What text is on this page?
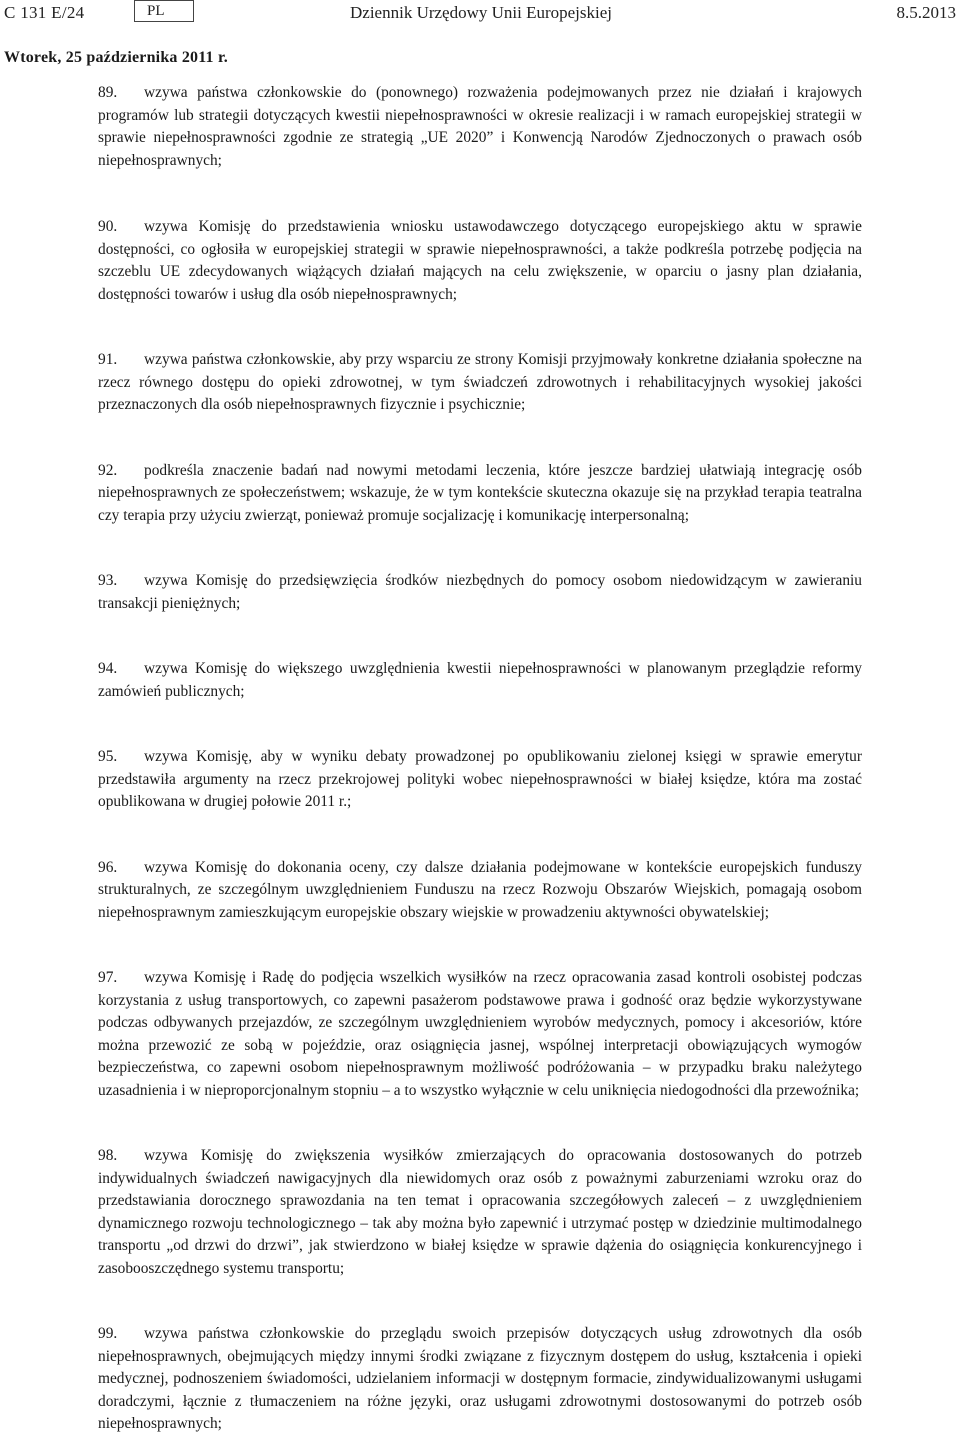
C 131 E/24	PL	Dziennik Urzędowy Unii Europejskiej	8.5.2013
Wtorek, 25 października 2011 r.

89. wzywa państwa członkowskie do (ponownego) rozważenia podejmowanych przez nie działań i krajowych programów lub strategii dotyczących kwestii niepełnosprawności w okresie realizacji i w ramach europejskiej strategii w sprawie niepełnosprawności zgodnie ze strategią „UE 2020” i Konwencją Narodów Zjednoczonych o prawach osób niepełnosprawnych;

90. wzywa Komisję do przedstawienia wniosku ustawodawczego dotyczącego europejskiego aktu w sprawie dostępności, co ogłosiła w europejskiej strategii w sprawie niepełnosprawności, a także podkreśla potrzebę podjęcia na szczeblu UE zdecydowanych wiążących działań mających na celu zwiększenie, w oparciu o jasny plan działania, dostępności towarów i usług dla osób niepełnosprawnych;

91. wzywa państwa członkowskie, aby przy wsparciu ze strony Komisji przyjmowały konkretne działania społeczne na rzecz równego dostępu do opieki zdrowotnej, w tym świadczeń zdrowotnych i rehabilitacyjnych wysokiej jakości przeznaczonych dla osób niepełnosprawnych fizycznie i psychicznie;

92. podkreśla znaczenie badań nad nowymi metodami leczenia, które jeszcze bardziej ułatwiają integrację osób niepełnosprawnych ze społeczeństwem; wskazuje, że w tym kontekście skuteczna okazuje się na przykład terapia teatralna czy terapia przy użyciu zwierząt, ponieważ promuje socjalizację i komunikację interpersonalną;

93. wzywa Komisję do przedsięwzięcia środków niezbędnych do pomocy osobom niedowidzącym w zawieraniu transakcji pieniężnych;

94. wzywa Komisję do większego uwzględnienia kwestii niepełnosprawności w planowanym przeglądzie reformy zamówień publicznych;

95. wzywa Komisję, aby w wyniku debaty prowadzonej po opublikowaniu zielonej księgi w sprawie emerytur przedstawiła argumenty na rzecz przekrojowej polityki wobec niepełnosprawności w białej księdze, która ma zostać opublikowana w drugiej połowie 2011 r.;

96. wzywa Komisję do dokonania oceny, czy dalsze działania podejmowane w kontekście europejskich funduszy strukturalnych, ze szczególnym uwzględnieniem Funduszu na rzecz Rozwoju Obszarów Wiejskich, pomagają osobom niepełnosprawnym zamieszkującym europejskie obszary wiejskie w prowadzeniu aktywności obywatelskiej;

97. wzywa Komisję i Radę do podjęcia wszelkich wysiłków na rzecz opracowania zasad kontroli osobistej podczas korzystania z usług transportowych, co zapewni pasażerom podstawowe prawa i godność oraz będzie wykorzystywane podczas odbywanych przejazdów, ze szczególnym uwzględnieniem wyrobów medycznych, pomocy i akcesoriów, które można przewozić ze sobą w pojeździe, oraz osiągnięcia jasnej, wspólnej interpretacji obowiązujących wymogów bezpieczeństwa, co zapewni osobom niepełnosprawnym możliwość podróżowania – w przypadku braku należytego uzasadnienia i w nieproporcjonalnym stopniu – a to wszystko wyłącznie w celu uniknięcia niedogodności dla przewoźnika;

98. wzywa Komisję do zwiększenia wysiłków zmierzających do opracowania dostosowanych do potrzeb indywidualnych świadczeń nawigacyjnych dla niewidomych oraz osób z poważnymi zaburzeniami wzroku oraz do przedstawiania dorocznego sprawozdania na ten temat i opracowania szczegółowych zaleceń – z uwzględnieniem dynamicznego rozwoju technologicznego – tak aby można było zapewnić i utrzymać postęp w dziedzinie multimodalnego transportu „od drzwi do drzwi”, jak stwierdzono w białej księdze w sprawie dążenia do osiągnięcia konkurencyjnego i zasobooszczędnego systemu transportu;

99. wzywa państwa członkowskie do przeglądu swoich przepisów dotyczących usług zdrowotnych dla osób niepełnosprawnych, obejmujących między innymi środki związane z fizycznym dostępem do usług, kształcenia i opieki medycznej, podnoszeniem świadomości, udzielaniem informacji w dostępnym formacie, zindywidualizowanymi usługami doradczymi, łącznie z tłumaczeniem na różne języki, oraz usługami zdrowotnymi dostosowanymi do potrzeb osób niepełnosprawnych;
